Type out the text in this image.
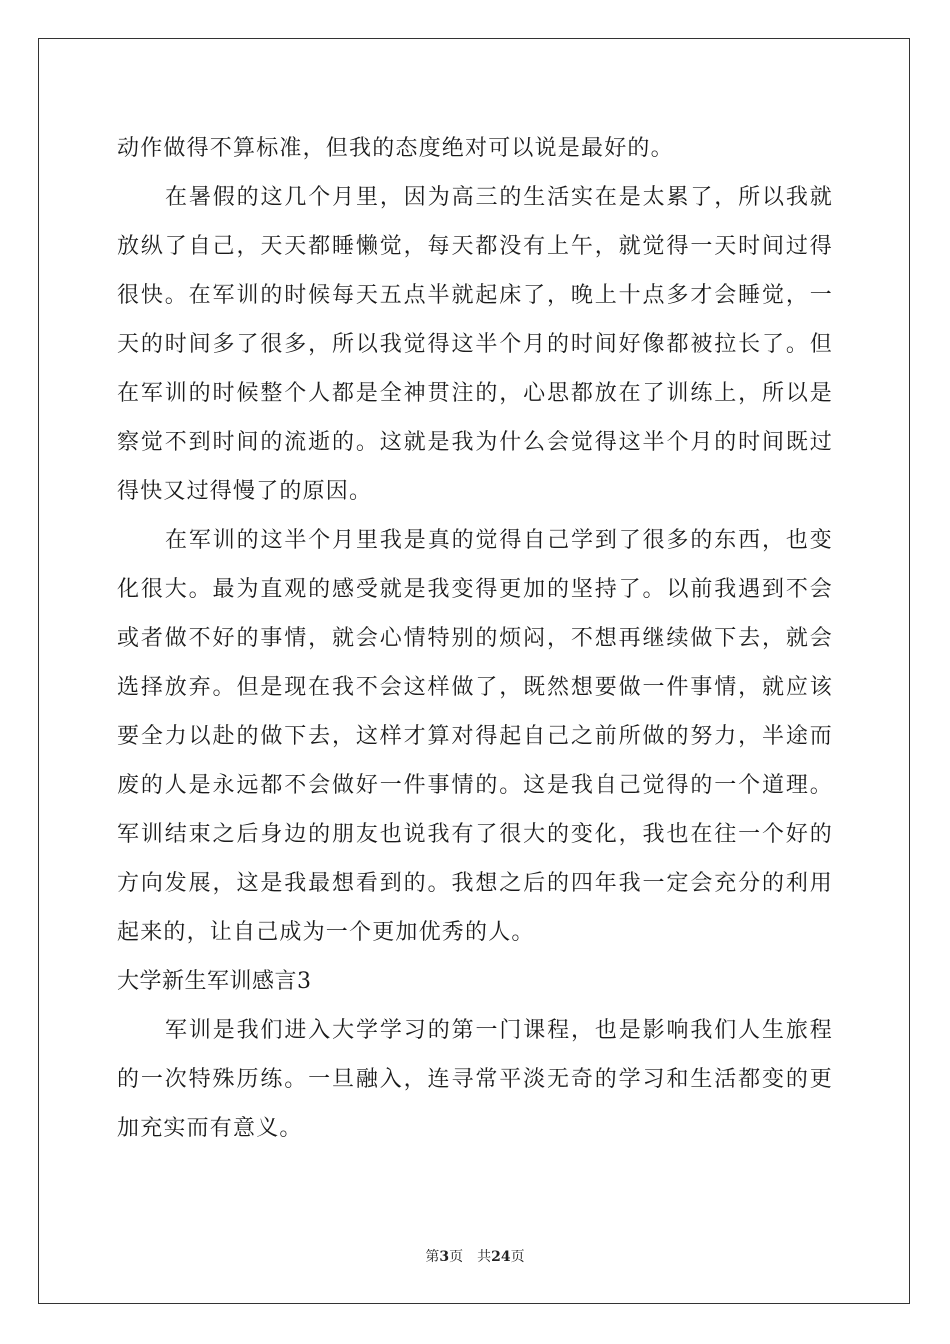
动作做得不算标准，但我的态度绝对可以说是最好的。

在暑假的这几个月里，因为高三的生活实在是太累了，所以我就放纵了自己，天天都睡懒觉，每天都没有上午，就觉得一天时间过得很快。在军训的时候每天五点半就起床了，晚上十点多才会睡觉，一天的时间多了很多，所以我觉得这半个月的时间好像都被拉长了。但在军训的时候整个人都是全神贯注的，心思都放在了训练上，所以是察觉不到时间的流逝的。这就是我为什么会觉得这半个月的时间既过得快又过得慢了的原因。

在军训的这半个月里我是真的觉得自己学到了很多的东西，也变化很大。最为直观的感受就是我变得更加的坚持了。以前我遇到不会或者做不好的事情，就会心情特别的烦闷，不想再继续做下去，就会选择放弃。但是现在我不会这样做了，既然想要做一件事情，就应该要全力以赴的做下去，这样才算对得起自己之前所做的努力，半途而废的人是永远都不会做好一件事情的。这是我自己觉得的一个道理。军训结束之后身边的朋友也说我有了很大的变化，我也在往一个好的方向发展，这是我最想看到的。我想之后的四年我一定会充分的利用起来的，让自己成为一个更加优秀的人。

大学新生军训感言3

军训是我们进入大学学习的第一门课程，也是影响我们人生旅程的一次特殊历练。一旦融入，连寻常平淡无奇的学习和生活都变的更加充实而有意义。

第3页 共24页
